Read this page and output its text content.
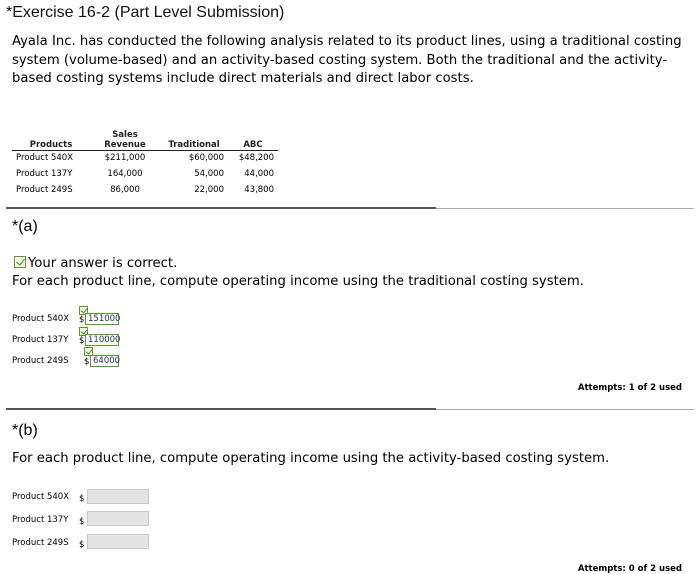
*Exercise 16-2 (Part Level Submission)
Ayala Inc. has conducted the following analysis related to its product lines, using a traditional costing system (volume-based) and an activity-based costing system. Both the traditional and the activity-based costing systems include direct materials and direct labor costs.
		Total Costs	
Products	Sales Revenue	Traditional	ABC
Product 540X	$211,000	$60,000	$48,200
Product 137Y	164,000	54,000	44,000
Product 249S	86,000	22,000	43,800
*(a)
Your answer is correct.
For each product line, compute operating income using the traditional costing system.
Product 540X $ 151000
Product 137Y $ 110000
Product 249S $ 64000
Attempts: 1 of 2 used
*(b)
For each product line, compute operating income using the activity-based costing system.
Product 540X $
Product 137Y $
Product 249S $
Attempts: 0 of 2 used
